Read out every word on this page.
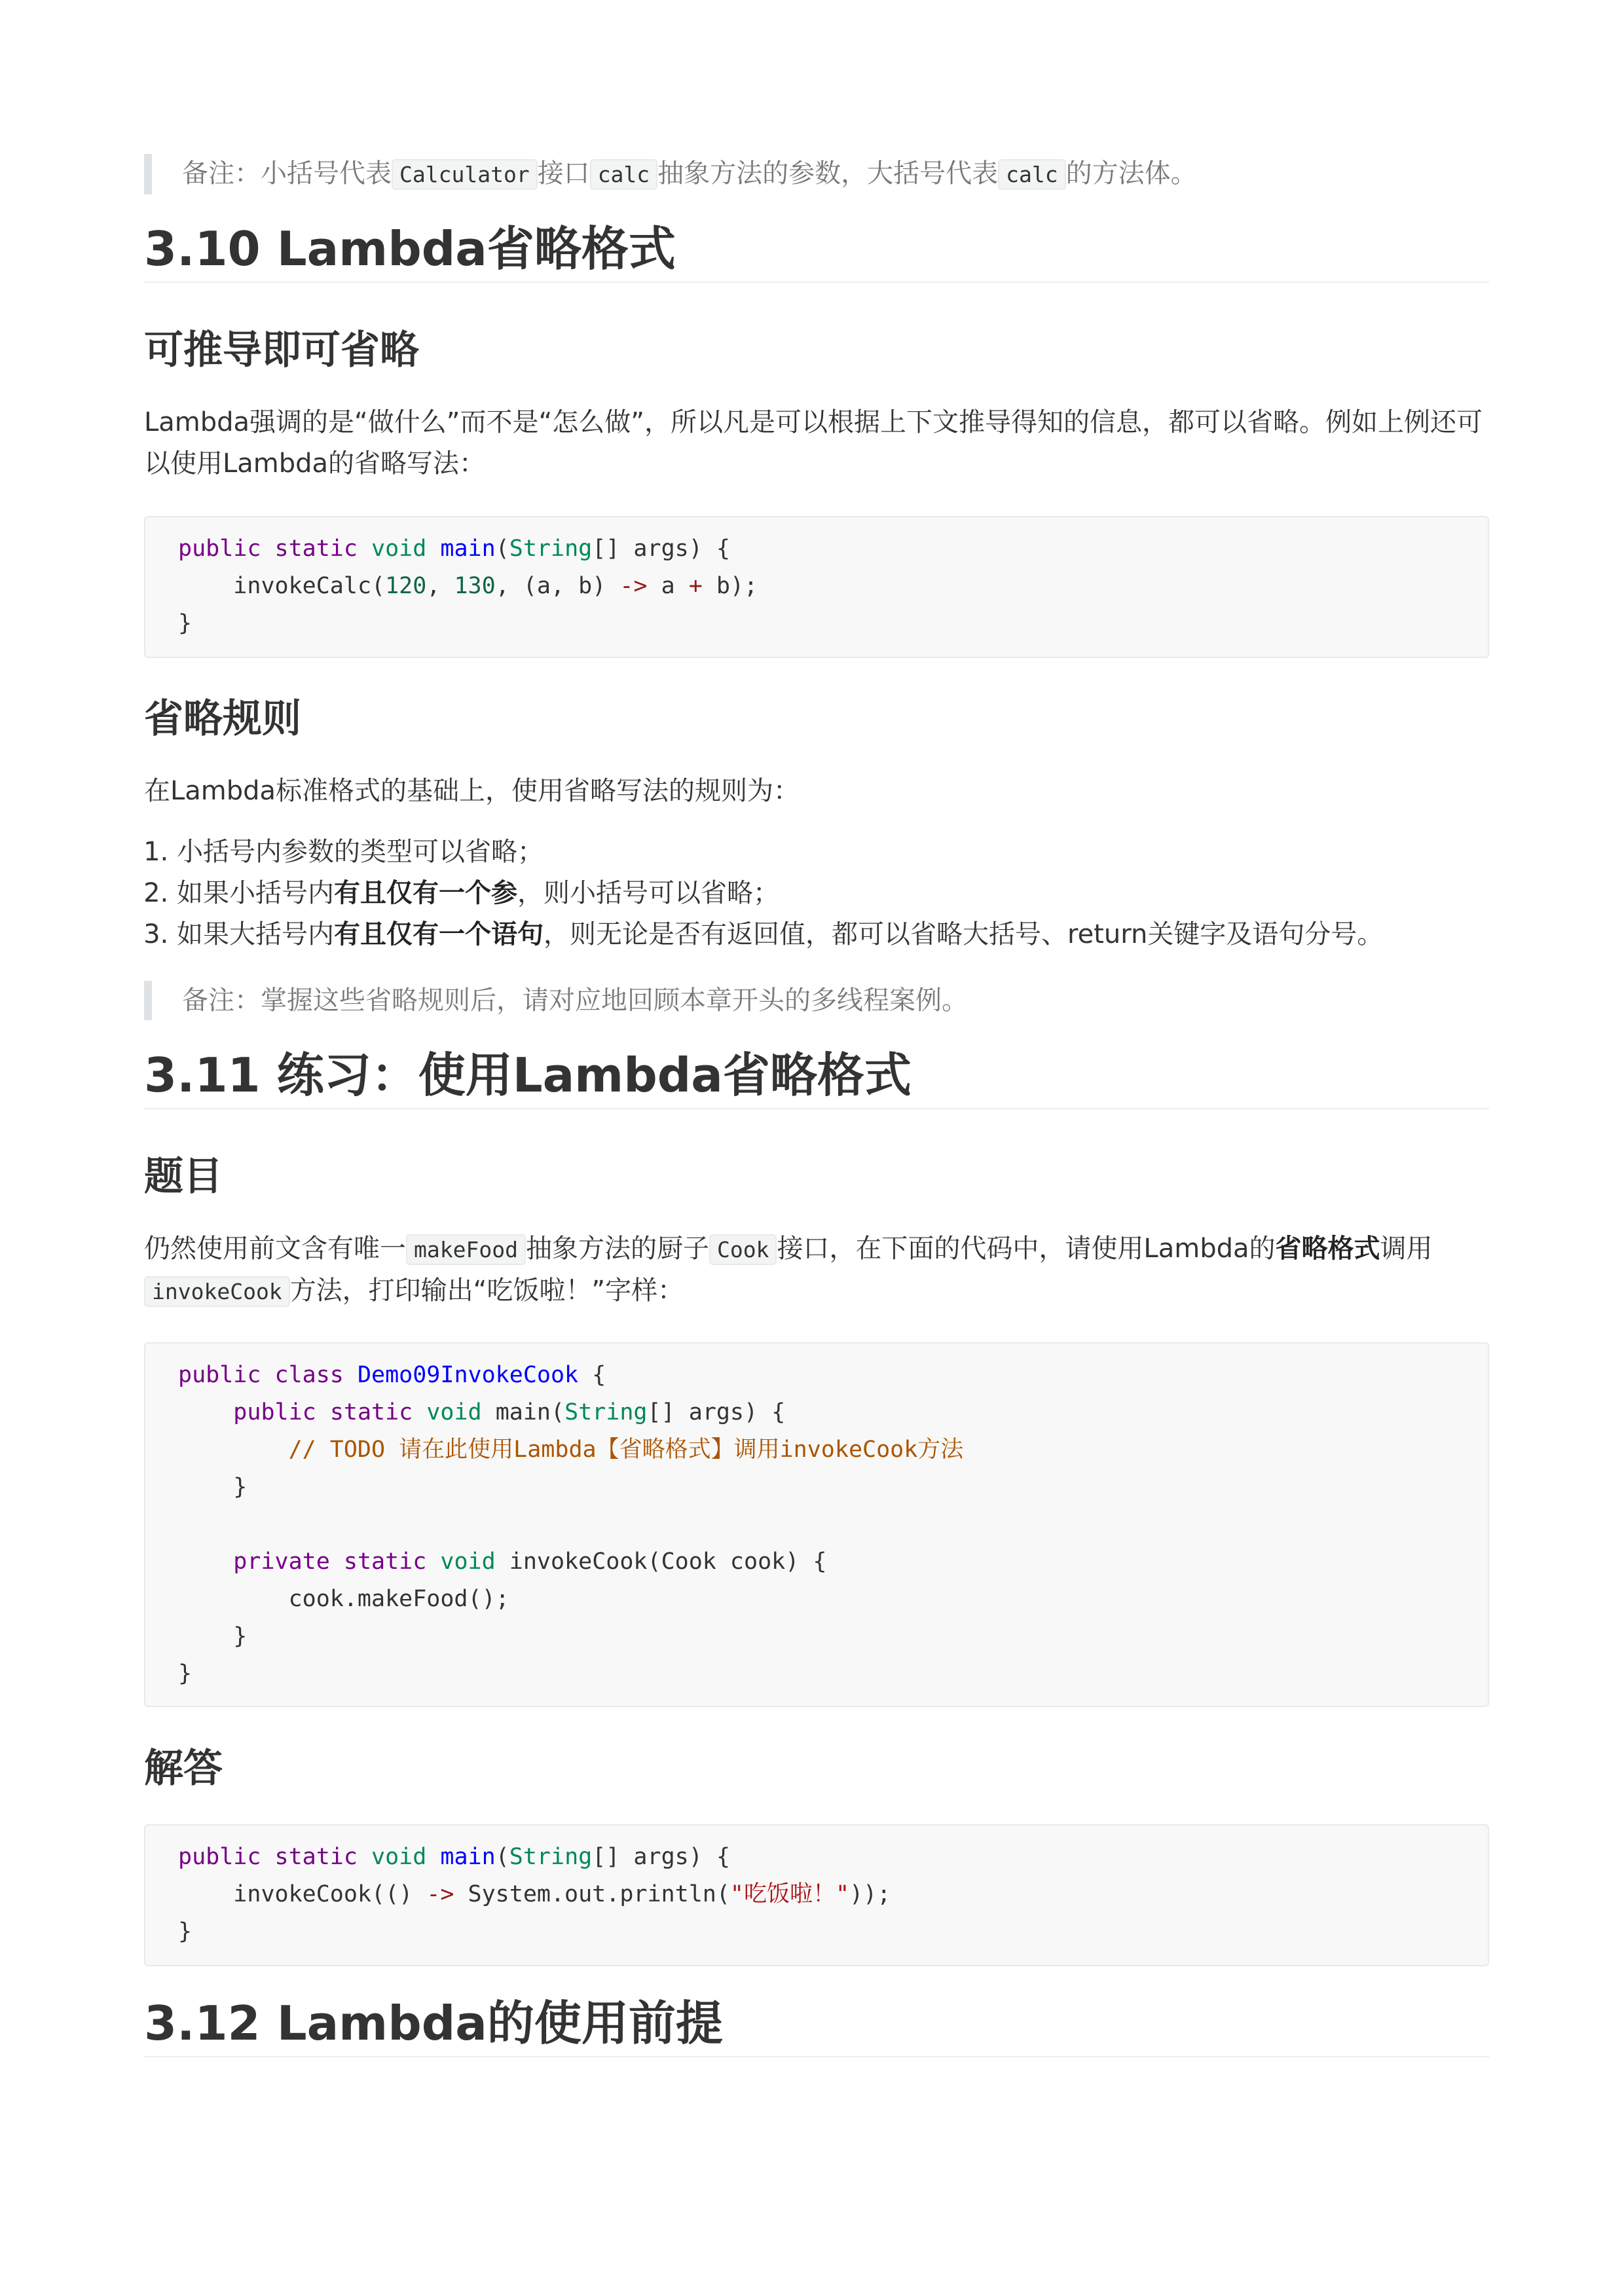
备注：小括号代表 Calculator 接口 calc 抽象方法的参数，大括号代表 calc 的方法体。
3.10 Lambda省略格式
可推导即可省略
Lambda强调的是“做什么”而不是“怎么做”，所以凡是可以根据上下文推导得知的信息，都可以省略。例如上例还可
以使用Lambda的省略写法：
public static void main(String[] args) {
invokeCalc(120, 130, (a, b) -> a + b);
}
省略规则
在Lambda标准格式的基础上，使用省略写法的规则为：
1. 小括号内参数的类型可以省略；
2. 如果小括号内有且仅有一个参，则小括号可以省略；
3. 如果大括号内有且仅有一个语句，则无论是否有返回值，都可以省略大括号、return关键字及语句分号。
备注：掌握这些省略规则后，请对应地回顾本章开头的多线程案例。
3.11 练习：使用Lambda省略格式
题目
仍然使用前文含有唯一 makeFood 抽象方法的厨子 Cook 接口，在下面的代码中，请使用Lambda的省略格式调用
invokeCook 方法，打印输出“吃饭啦！”字样：
public class Demo09InvokeCook {
public static void main(String[] args) {
// TODO 请在此使用Lambda【省略格式】调用invokeCook方法
}
private static void invokeCook(Cook cook) {
cook.makeFood();
}
}
解答
public static void main(String[] args) {
invokeCook(() -> System.out.println("吃饭啦！"));
}
3.12 Lambda的使用前提
